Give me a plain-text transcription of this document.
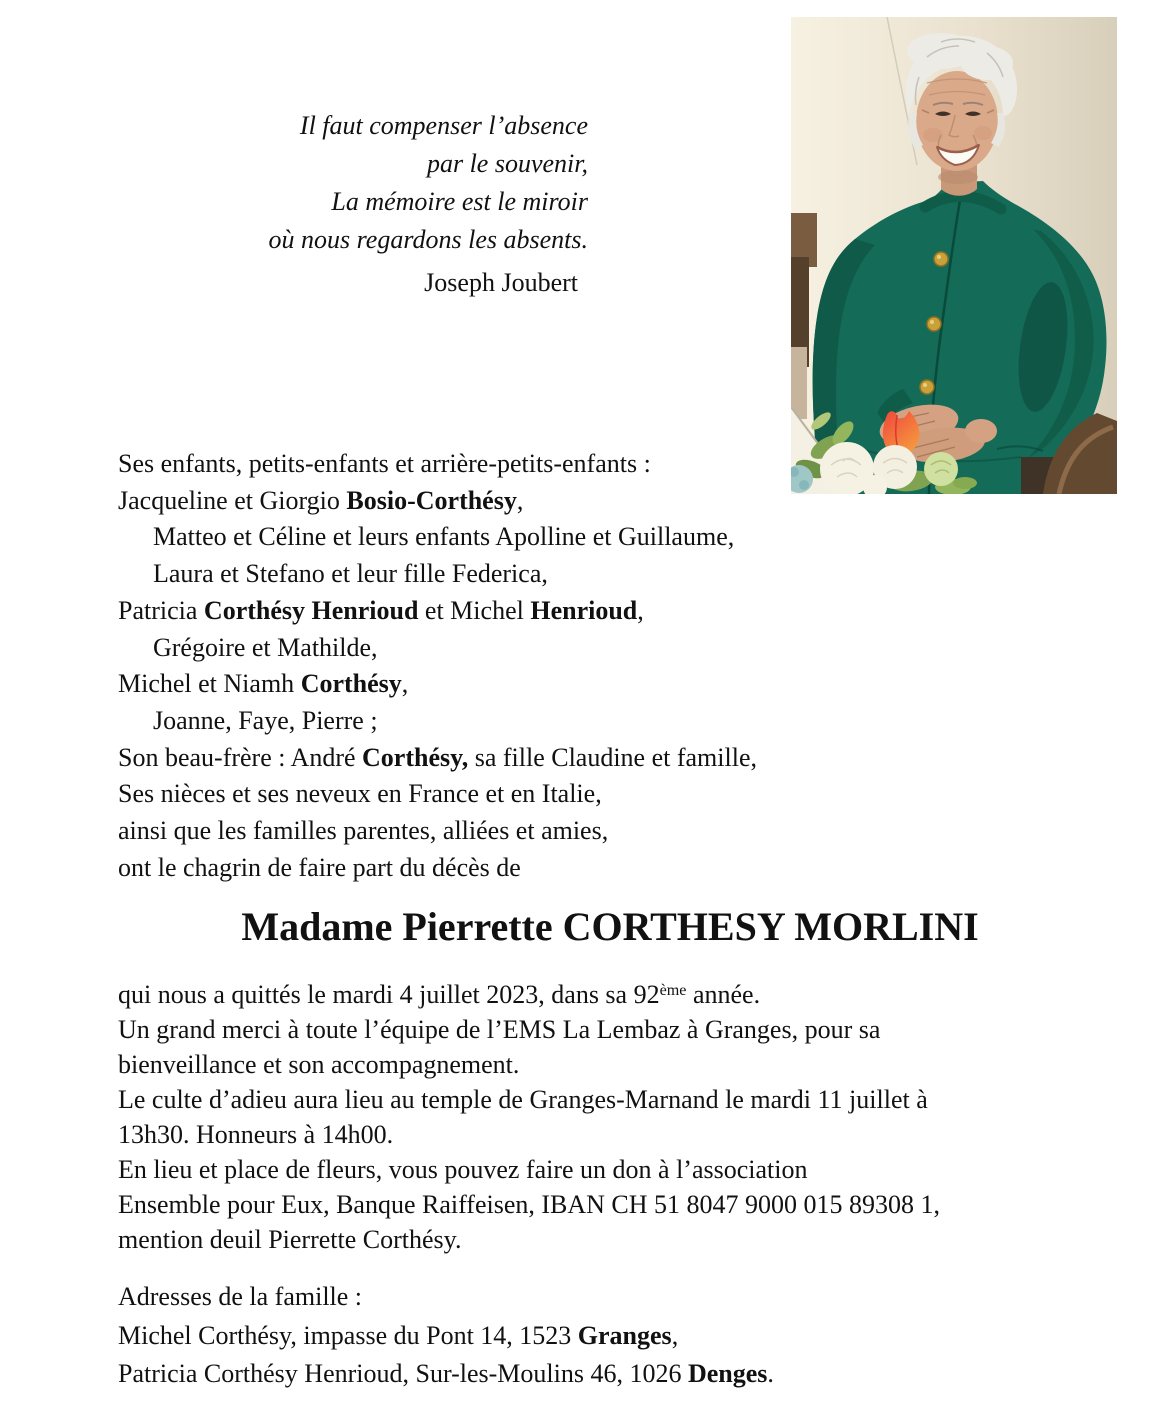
Il faut compenser l’absence
par le souvenir,
La mémoire est le miroir
où nous regardons les absents.
Joseph Joubert
Ses enfants, petits-enfants et arrière-petits-enfants :
Jacqueline et Giorgio Bosio-Corthésy,
Matteo et Céline et leurs enfants Apolline et Guillaume,
Laura et Stefano et leur fille Federica,
Patricia Corthésy Henrioud et Michel Henrioud,
Grégoire et Mathilde,
Michel et Niamh Corthésy,
Joanne, Faye, Pierre ;
Son beau-frère : André Corthésy, sa fille Claudine et famille,
Ses nièces et ses neveux en France et en Italie,
ainsi que les familles parentes, alliées et amies,
ont le chagrin de faire part du décès de
Madame Pierrette CORTHESY MORLINI
qui nous a quittés le mardi 4 juillet 2023, dans sa 92ème année.
Un grand merci à toute l’équipe de l’EMS La Lembaz à Granges, pour sa
bienveillance et son accompagnement.
Le culte d’adieu aura lieu au temple de Granges-Marnand le mardi 11 juillet à
13h30. Honneurs à 14h00.
En lieu et place de fleurs, vous pouvez faire un don à l’association
Ensemble pour Eux, Banque Raiffeisen, IBAN CH 51 8047 9000 015 89308 1,
mention deuil Pierrette Corthésy.
Adresses de la famille :
Michel Corthésy, impasse du Pont 14, 1523 Granges,
Patricia Corthésy Henrioud, Sur-les-Moulins 46, 1026 Denges.
